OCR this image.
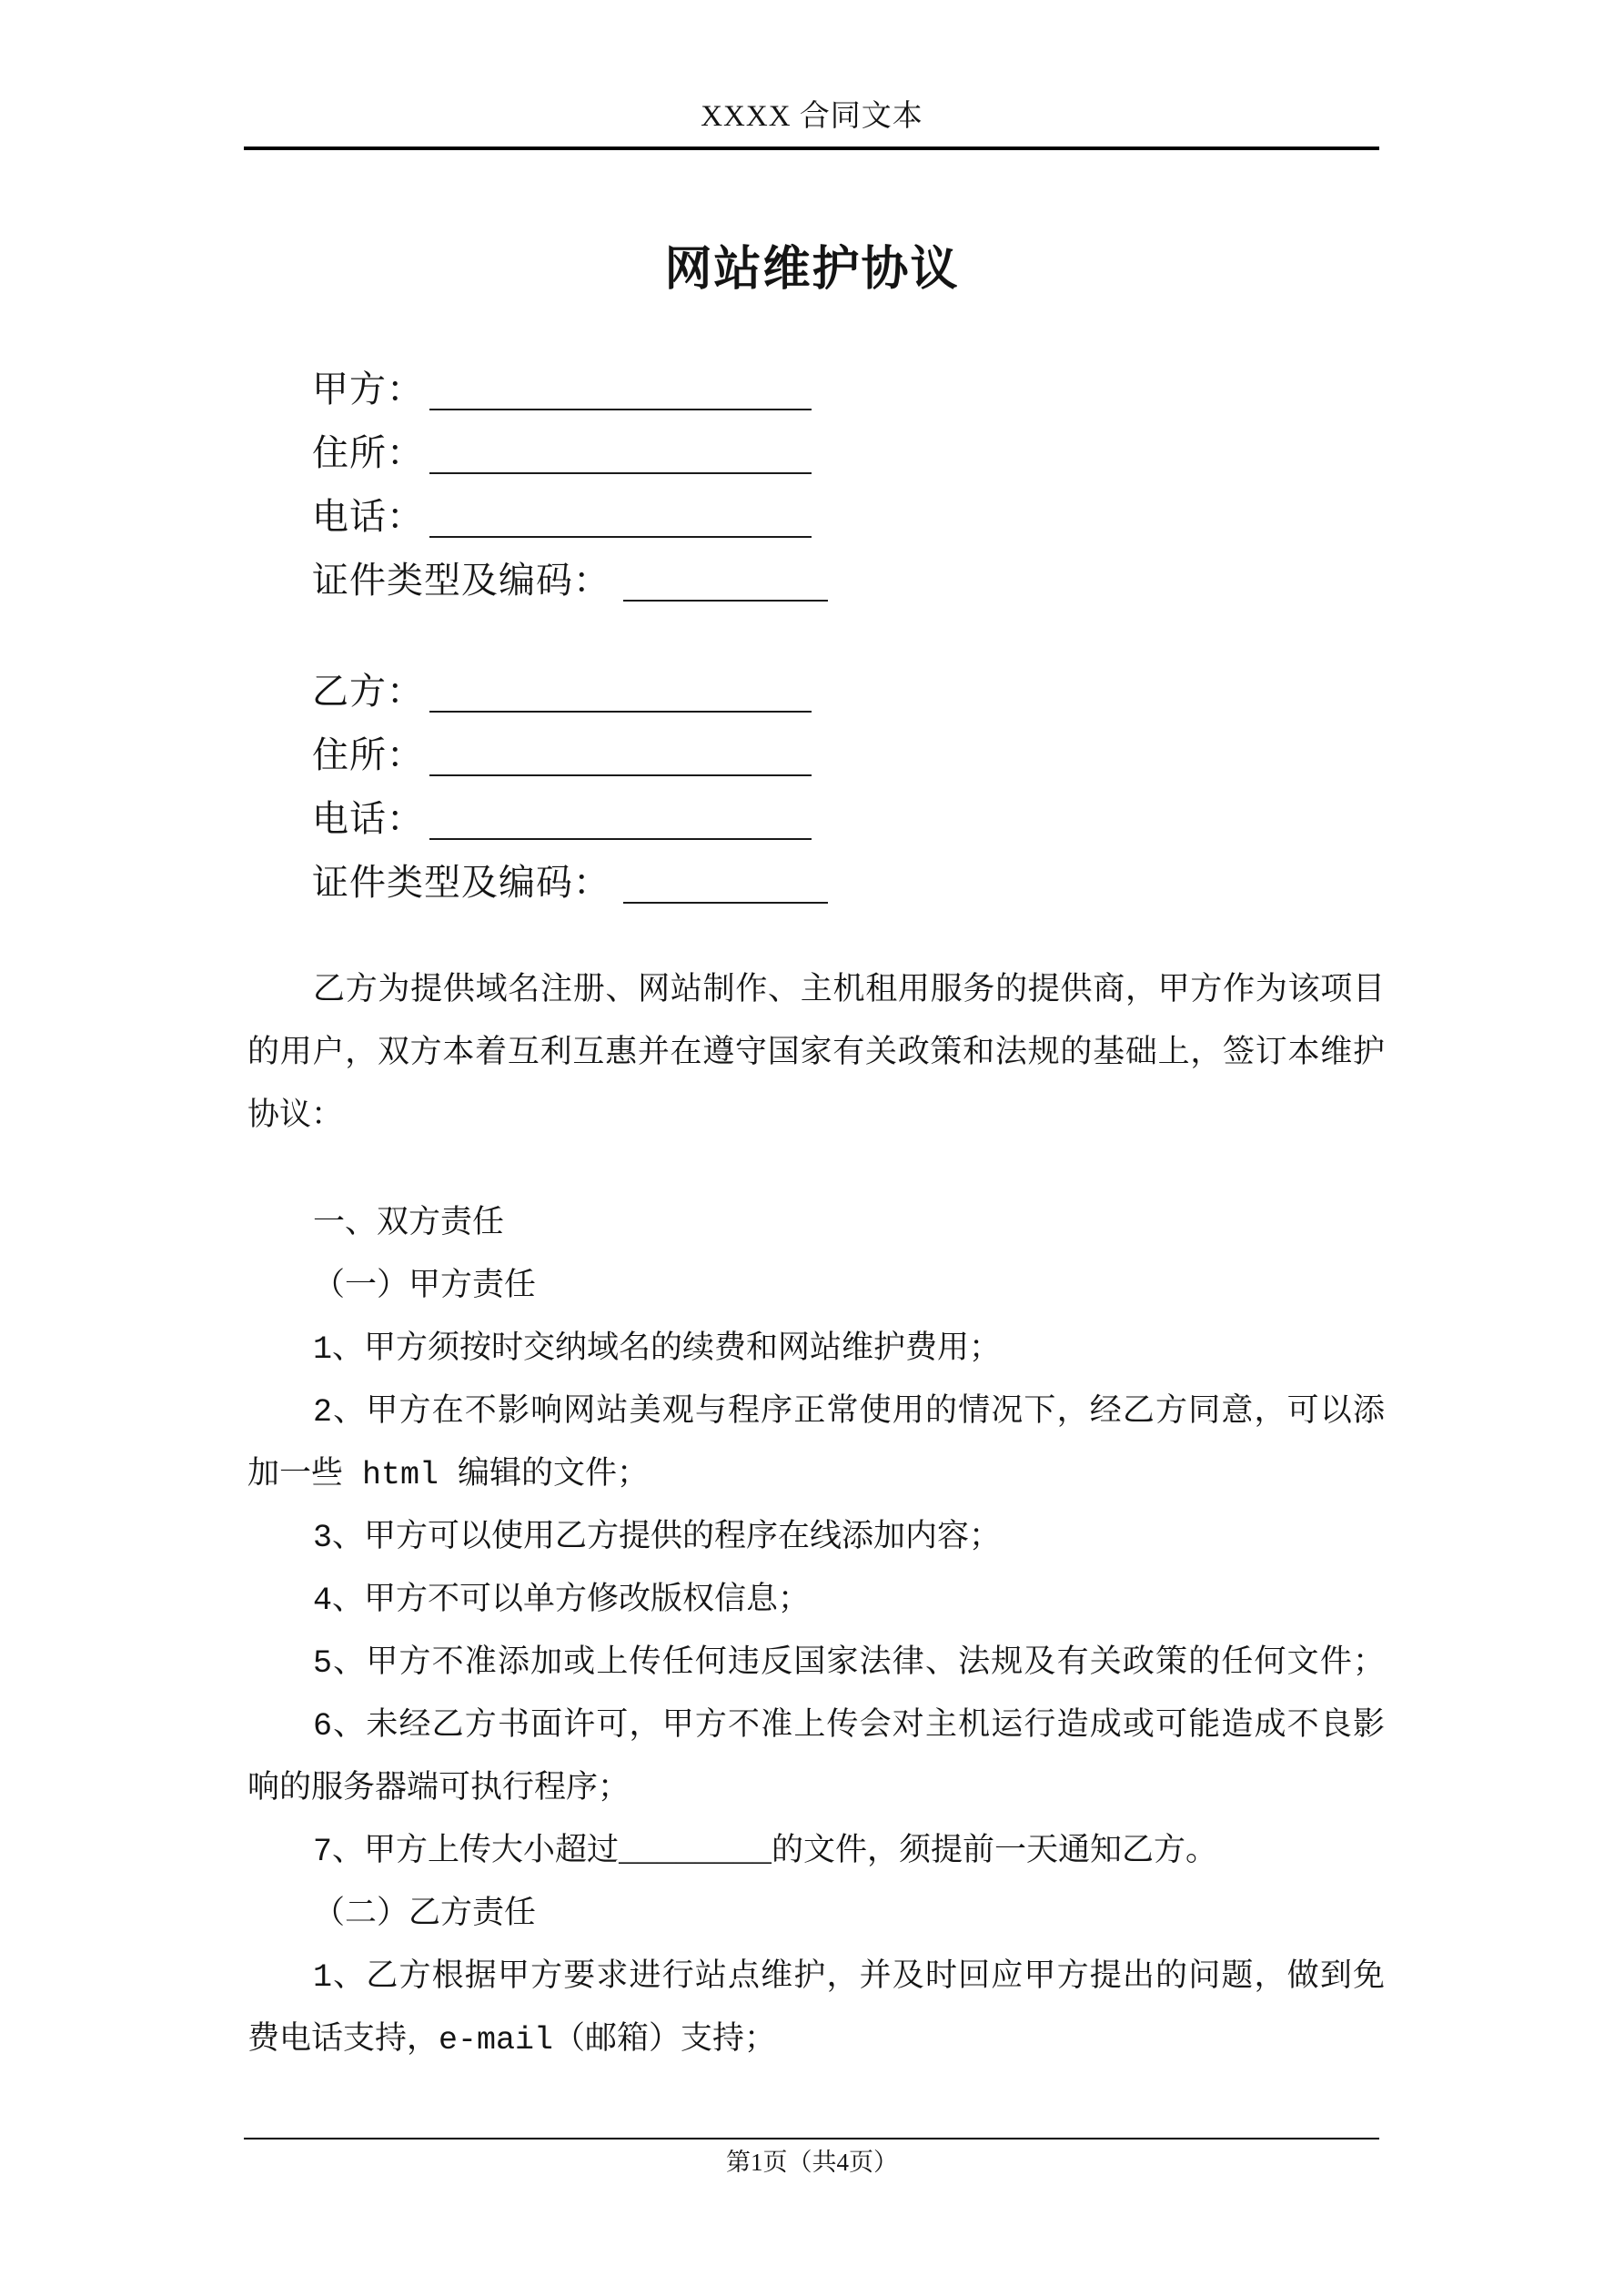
XXXX 合同文本
网站维护协议
甲方：
住所：
电话：
证件类型及编码：
乙方：
住所：
电话：
证件类型及编码：
乙方为提供域名注册、网站制作、主机租用服务的提供商，甲方作为该项目
的用户，双方本着互利互惠并在遵守国家有关政策和法规的基础上，签订本维护
协议：
一、双方责任
（一）甲方责任
1、甲方须按时交纳域名的续费和网站维护费用；
2、甲方在不影响网站美观与程序正常使用的情况下，经乙方同意，可以添
加一些 html 编辑的文件；
3、甲方可以使用乙方提供的程序在线添加内容；
4、甲方不可以单方修改版权信息；
5、甲方不准添加或上传任何违反国家法律、法规及有关政策的任何文件；
6、未经乙方书面许可，甲方不准上传会对主机运行造成或可能造成不良影
响的服务器端可执行程序；
7、甲方上传大小超过________的文件，须提前一天通知乙方。
（二）乙方责任
1、乙方根据甲方要求进行站点维护，并及时回应甲方提出的问题，做到免
费电话支持，e-mail（邮箱）支持；
第1页（共4页）
